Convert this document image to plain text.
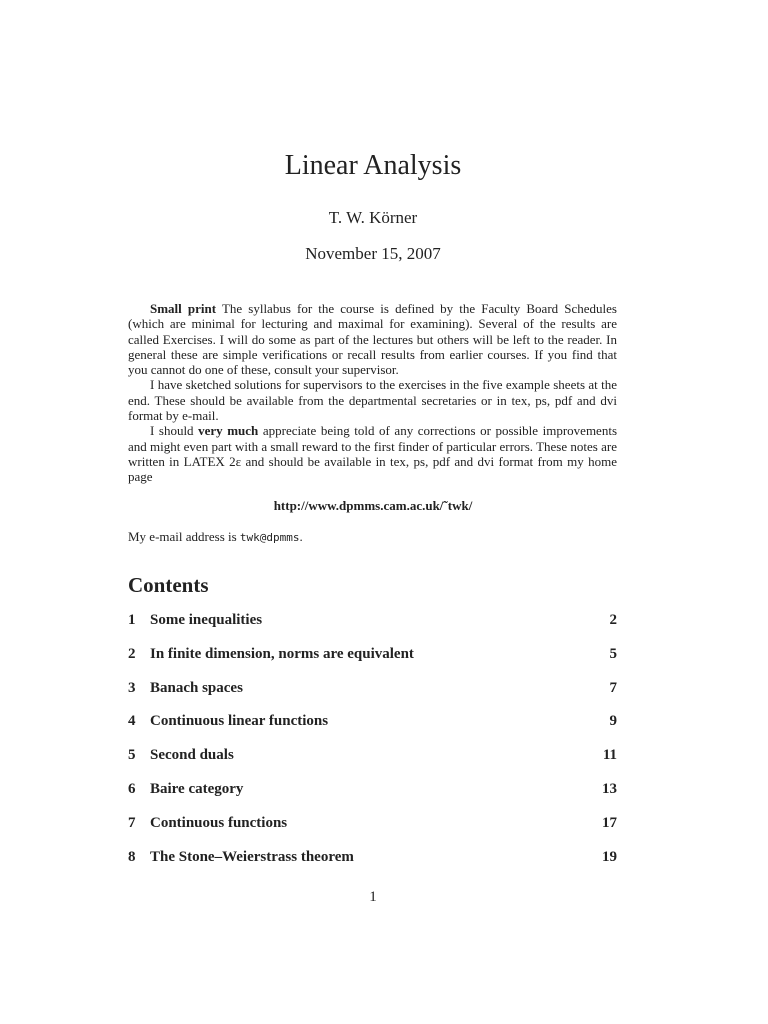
Linear Analysis
T. W. Körner
November 15, 2007

Small print The syllabus for the course is defined by the Faculty Board Schedules (which are minimal for lecturing and maximal for examining). Several of the results are called Exercises. I will do some as part of the lectures but others will be left to the reader. In general these are simple verifications or recall results from earlier courses. If you find that you cannot do one of these, consult your supervisor.

I have sketched solutions for supervisors to the exercises in the five example sheets at the end. These should be available from the departmental secretaries or in tex, ps, pdf and dvi format by e-mail.

I should very much appreciate being told of any corrections or possible improvements and might even part with a small reward to the first finder of particular errors. These notes are written in LATEX 2ε and should be available in tex, ps, pdf and dvi format from my home page

http://www.dpmms.cam.ac.uk/˜twk/
My e-mail address is twk@dpmms.
Contents
1 Some inequalities	2
2 In finite dimension, norms are equivalent	5
3 Banach spaces	7
4 Continuous linear functions	9
5 Second duals	11
6 Baire category	13
7 Continuous functions	17
8 The Stone–Weierstrass theorem	19
1
